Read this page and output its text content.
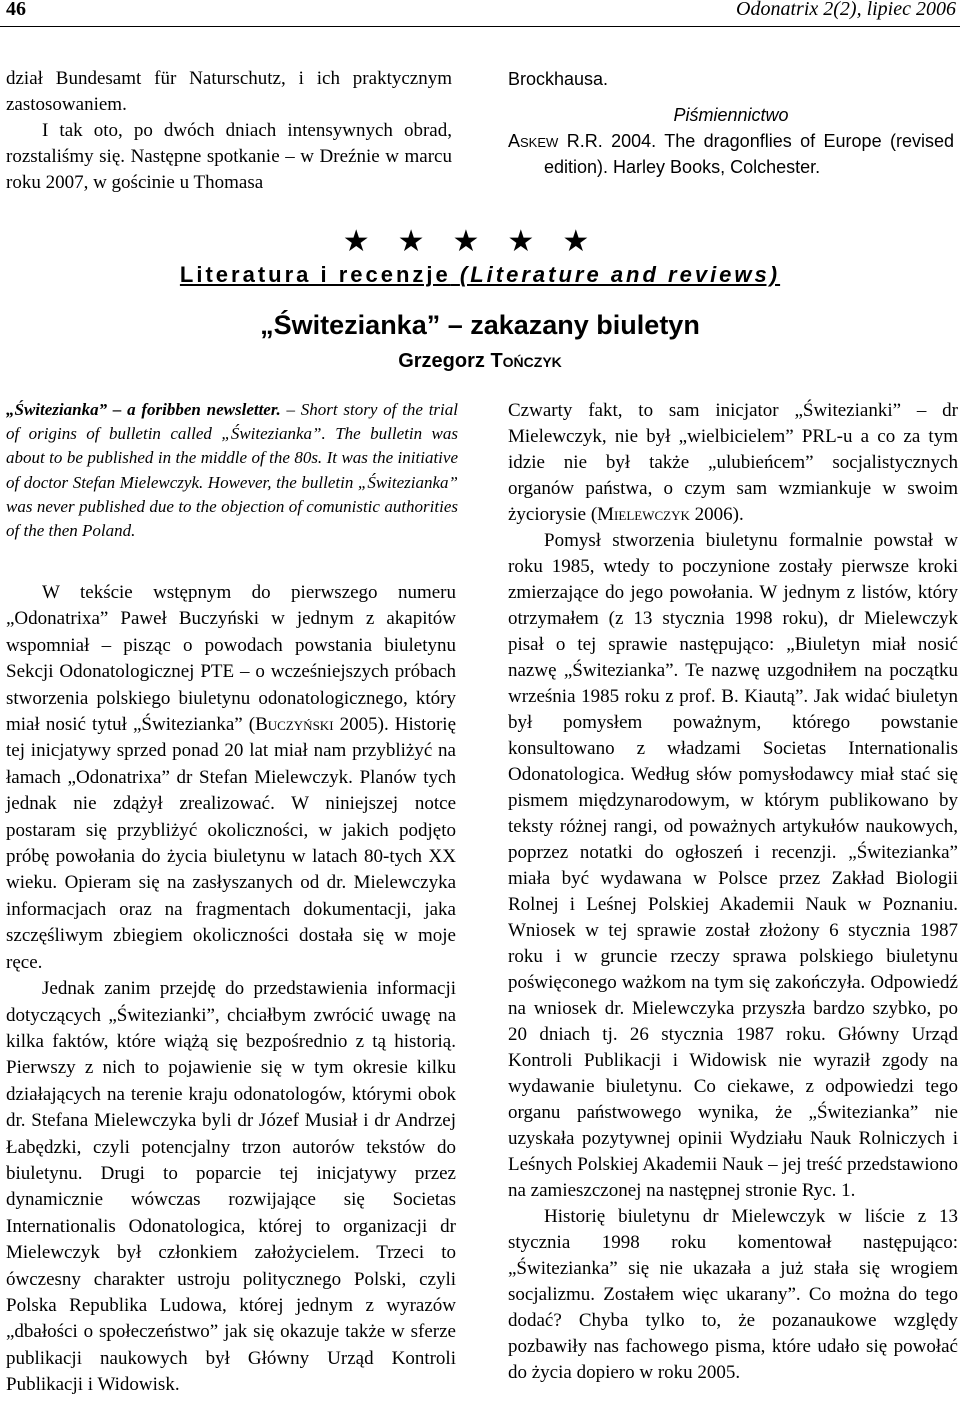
46	Odonatrix 2(2), lipiec 2006

dział Bundesamt für Naturschutz, i ich praktycznym zastosowaniem.

I tak oto, po dwóch dniach intensywnych obrad, rozstaliśmy się. Następne spotkanie – w Dreźnie w marcu roku 2007, w gościnie u Thomasa

Brockhausa.

Piśmiennictwo

Askew R.R. 2004. The dragonflies of Europe (revised edition). Harley Books, Colchester.

★★★★★
Literatura i recenzje (Literature and reviews)
„Świtezianka” – zakazany biuletyn
Grzegorz Tończyk
„Świtezianka” – a foribben newsletter. – Short story of the trial of origins of bulletin called „Świtezianka”. The bulletin was about to be published in the middle of the 80s. It was the initiative of doctor Stefan Mielewczyk. However, the bulletin „Świtezianka” was never published due to the objection of comunistic authorities of the then Poland.

W tekście wstępnym do pierwszego numeru „Odonatrixa” Paweł Buczyński w jednym z akapitów wspomniał – pisząc o powodach powstania biuletynu Sekcji Odonatologicznej PTE – o wcześniejszych próbach stworzenia polskiego biuletynu odonatologicznego, który miał nosić tytuł „Świtezianka” (Buczyński 2005). Historię tej inicjatywy sprzed ponad 20 lat miał nam przybliżyć na łamach „Odonatrixa” dr Stefan Mielewczyk. Planów tych jednak nie zdążył zrealizować. W niniejszej notce postaram się przybliżyć okoliczności, w jakich podjęto próbę powołania do życia biuletynu w latach 80-tych XX wieku. Opieram się na zasłyszanych od dr. Mielewczyka informacjach oraz na fragmentach dokumentacji, jaka szczęśliwym zbiegiem okoliczności dostała się w moje ręce.

Jednak zanim przejdę do przedstawienia informacji dotyczących „Świtezianki”, chciałbym zwrócić uwagę na kilka faktów, które wiążą się bezpośrednio z tą historią. Pierwszy z nich to pojawienie się w tym okresie kilku działających na terenie kraju odonatologów, którymi obok dr. Stefana Mielewczyka byli dr Józef Musiał i dr Andrzej Łabędzki, czyli potencjalny trzon autorów tekstów do biuletynu. Drugi to poparcie tej inicjatywy przez dynamicznie wówczas rozwijające się Societas Internationalis Odonatologica, której to organizacji dr Mielewczyk był członkiem założycielem. Trzeci to ówczesny charakter ustroju politycznego Polski, czyli Polska Republika Ludowa, której jednym z wyrazów „dbałości o społeczeństwo” jak się okazuje także w sferze publikacji naukowych był Główny Urząd Kontroli Publikacji i Widowisk.

Czwarty fakt, to sam inicjator „Świtezianki” – dr Mielewczyk, nie był „wielbicielem” PRL-u a co za tym idzie nie był także „ulubieńcem” socjalistycznych organów państwa, o czym sam wzmiankuje w swoim życiorysie (Mielewczyk 2006).

Pomysł stworzenia biuletynu formalnie powstał w roku 1985, wtedy to poczynione zostały pierwsze kroki zmierzające do jego powołania. W jednym z listów, który otrzymałem (z 13 stycznia 1998 roku), dr Mielewczyk pisał o tej sprawie następująco: „Biuletyn miał nosić nazwę „Świtezianka”. Te nazwę uzgodniłem na początku września 1985 roku z prof. B. Kiautą”. Jak widać biuletyn był pomysłem poważnym, którego powstanie konsultowano z władzami Societas Internationalis Odonatologica. Według słów pomysłodawcy miał stać się pismem międzynarodowym, w którym publikowano by teksty różnej rangi, od poważnych artykułów naukowych, poprzez notatki do ogłoszeń i recenzji. „Świtezianka” miała być wydawana w Polsce przez Zakład Biologii Rolnej i Leśnej Polskiej Akademii Nauk w Poznaniu. Wniosek w tej sprawie został złożony 6 stycznia 1987 roku i w gruncie rzeczy sprawa polskiego biuletynu poświęconego ważkom na tym się zakończyła. Odpowiedź na wniosek dr. Mielewczyka przyszła bardzo szybko, po 20 dniach tj. 26 stycznia 1987 roku. Główny Urząd Kontroli Publikacji i Widowisk nie wyraził zgody na wydawanie biuletynu. Co ciekawe, z odpowiedzi tego organu państwowego wynika, że „Świtezianka” nie uzyskała pozytywnej opinii Wydziału Nauk Rolniczych i Leśnych Polskiej Akademii Nauk – jej treść przedstawiono na zamieszczonej na następnej stronie Ryc. 1.

Historię biuletynu dr Mielewczyk w liście z 13 stycznia 1998 roku komentował następująco: „Świtezianka” się nie ukazała a już stała się wrogiem socjalizmu. Zostałem więc ukarany”. Co można do tego dodać? Chyba tylko to, że pozanaukowe względy pozbawiły nas fachowego pisma, które udało się powołać do życia dopiero w roku 2005.
